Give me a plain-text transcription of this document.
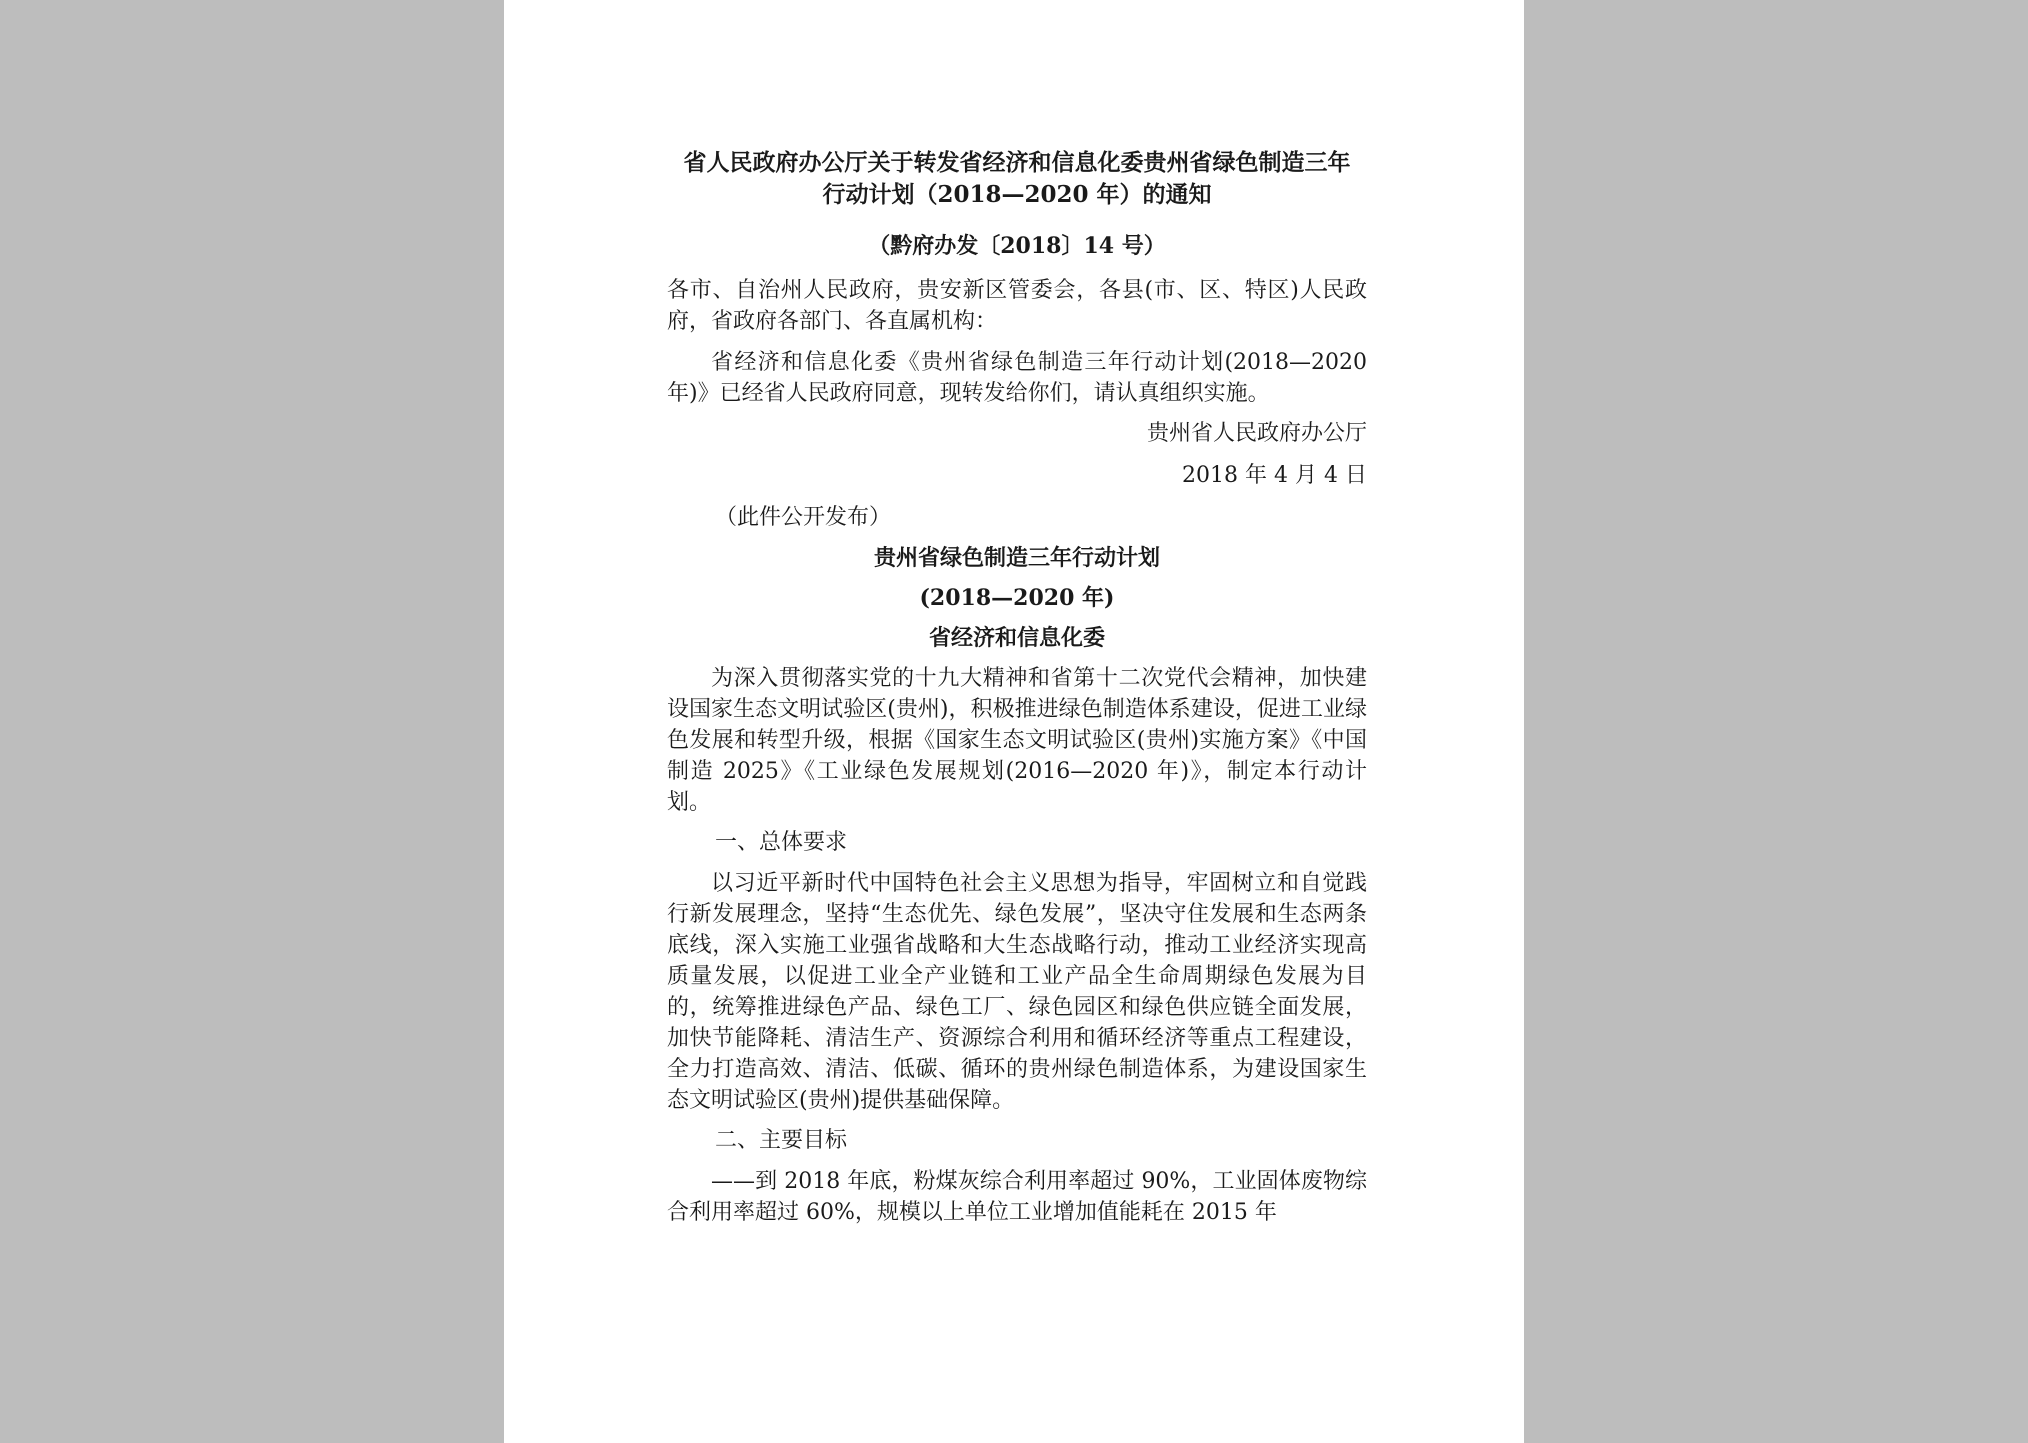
省人民政府办公厅关于转发省经济和信息化委贵州省绿色制造三年

行动计划（2018—2020 年）的通知

（黔府办发〔2018〕14 号）

各市、自治州人民政府，贵安新区管委会，各县(市、区、特区)人民政府，省政府各部门、各直属机构：

省经济和信息化委《贵州省绿色制造三年行动计划(2018—2020 年)》已经省人民政府同意，现转发给你们，请认真组织实施。

贵州省人民政府办公厅

2018 年 4 月 4 日

（此件公开发布）

贵州省绿色制造三年行动计划

(2018—2020 年)

省经济和信息化委

为深入贯彻落实党的十九大精神和省第十二次党代会精神，加快建设国家生态文明试验区(贵州)，积极推进绿色制造体系建设，促进工业绿色发展和转型升级，根据《国家生态文明试验区(贵州)实施方案》《中国制造 2025》《工业绿色发展规划(2016—2020 年)》，制定本行动计划。

一、总体要求

以习近平新时代中国特色社会主义思想为指导，牢固树立和自觉践行新发展理念，坚持“生态优先、绿色发展”，坚决守住发展和生态两条底线，深入实施工业强省战略和大生态战略行动，推动工业经济实现高质量发展，以促进工业全产业链和工业产品全生命周期绿色发展为目的，统筹推进绿色产品、绿色工厂、绿色园区和绿色供应链全面发展，加快节能降耗、清洁生产、资源综合利用和循环经济等重点工程建设，全力打造高效、清洁、低碳、循环的贵州绿色制造体系，为建设国家生态文明试验区(贵州)提供基础保障。

二、主要目标

——到 2018 年底，粉煤灰综合利用率超过 90%，工业固体废物综合利用率超过 60%，规模以上单位工业增加值能耗在 2015 年
